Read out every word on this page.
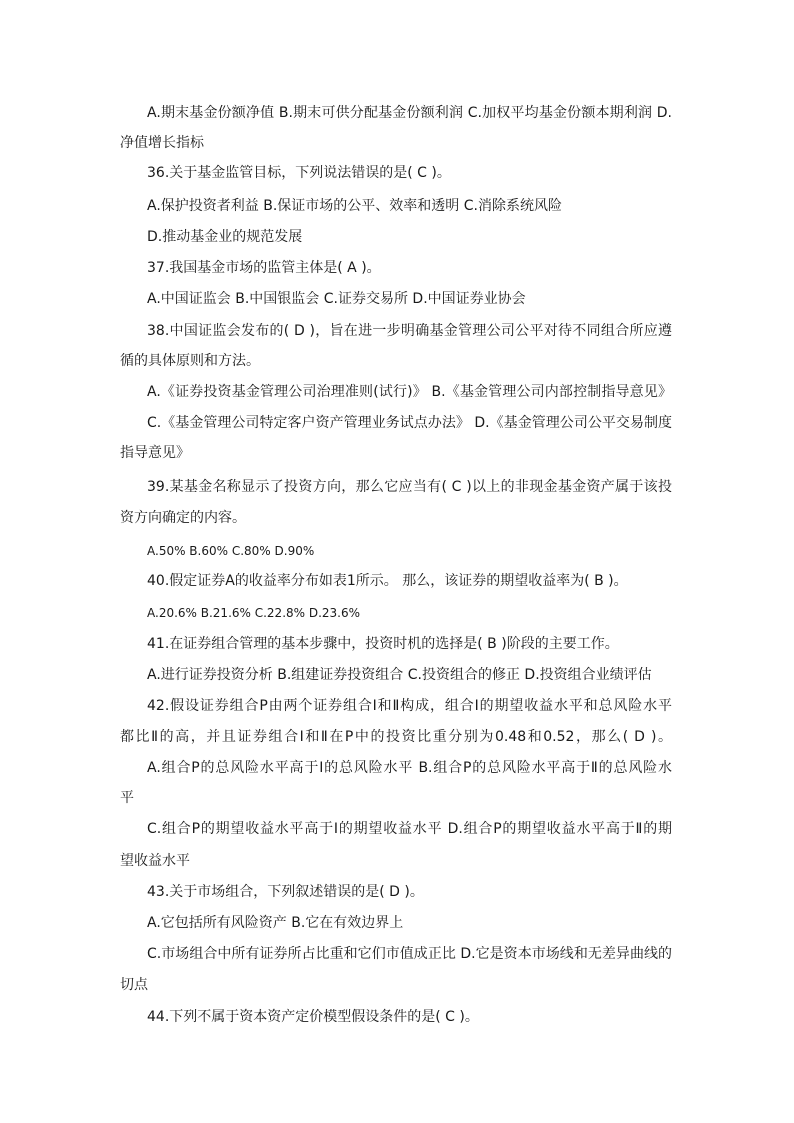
A.期末基金份额净值 B.期末可供分配基金份额利润 C.加权平均基金份额本期利润 D.
净值增长指标
36.关于基金监管目标，下列说法错误的是( C )。
A.保护投资者利益 B.保证市场的公平、效率和透明 C.消除系统风险
D.推动基金业的规范发展
37.我国基金市场的监管主体是( A )。
A.中国证监会 B.中国银监会 C.证券交易所 D.中国证券业协会
38.中国证监会发布的( D )，旨在进一步明确基金管理公司公平对待不同组合所应遵
循的具体原则和方法。
A.《证券投资基金管理公司治理准则(试行)》 B.《基金管理公司内部控制指导意见》
C.《基金管理公司特定客户资产管理业务试点办法》 D.《基金管理公司公平交易制度
指导意见》
39.某基金名称显示了投资方向，那么它应当有( C )以上的非现金基金资产属于该投
资方向确定的内容。
A.50% B.60% C.80% D.90%
40.假定证券A的收益率分布如表1所示。 那么，该证券的期望收益率为( B )。
A.20.6% B.21.6% C.22.8% D.23.6%
41.在证券组合管理的基本步骤中，投资时机的选择是( B )阶段的主要工作。
A.进行证券投资分析 B.组建证券投资组合 C.投资组合的修正 D.投资组合业绩评估
42.假设证券组合P由两个证券组合Ⅰ和Ⅱ构成，组合Ⅰ的期望收益水平和总风险水平
都比Ⅱ的高，并且证券组合Ⅰ和Ⅱ在P中的投资比重分别为0.48和0.52，那么( D )。
A.组合P的总风险水平高于Ⅰ的总风险水平 B.组合P的总风险水平高于Ⅱ的总风险水
平
C.组合P的期望收益水平高于Ⅰ的期望收益水平 D.组合P的期望收益水平高于Ⅱ的期
望收益水平
43.关于市场组合，下列叙述错误的是( D )。
A.它包括所有风险资产 B.它在有效边界上
C.市场组合中所有证券所占比重和它们市值成正比 D.它是资本市场线和无差异曲线的
切点
44.下列不属于资本资产定价模型假设条件的是( C )。
